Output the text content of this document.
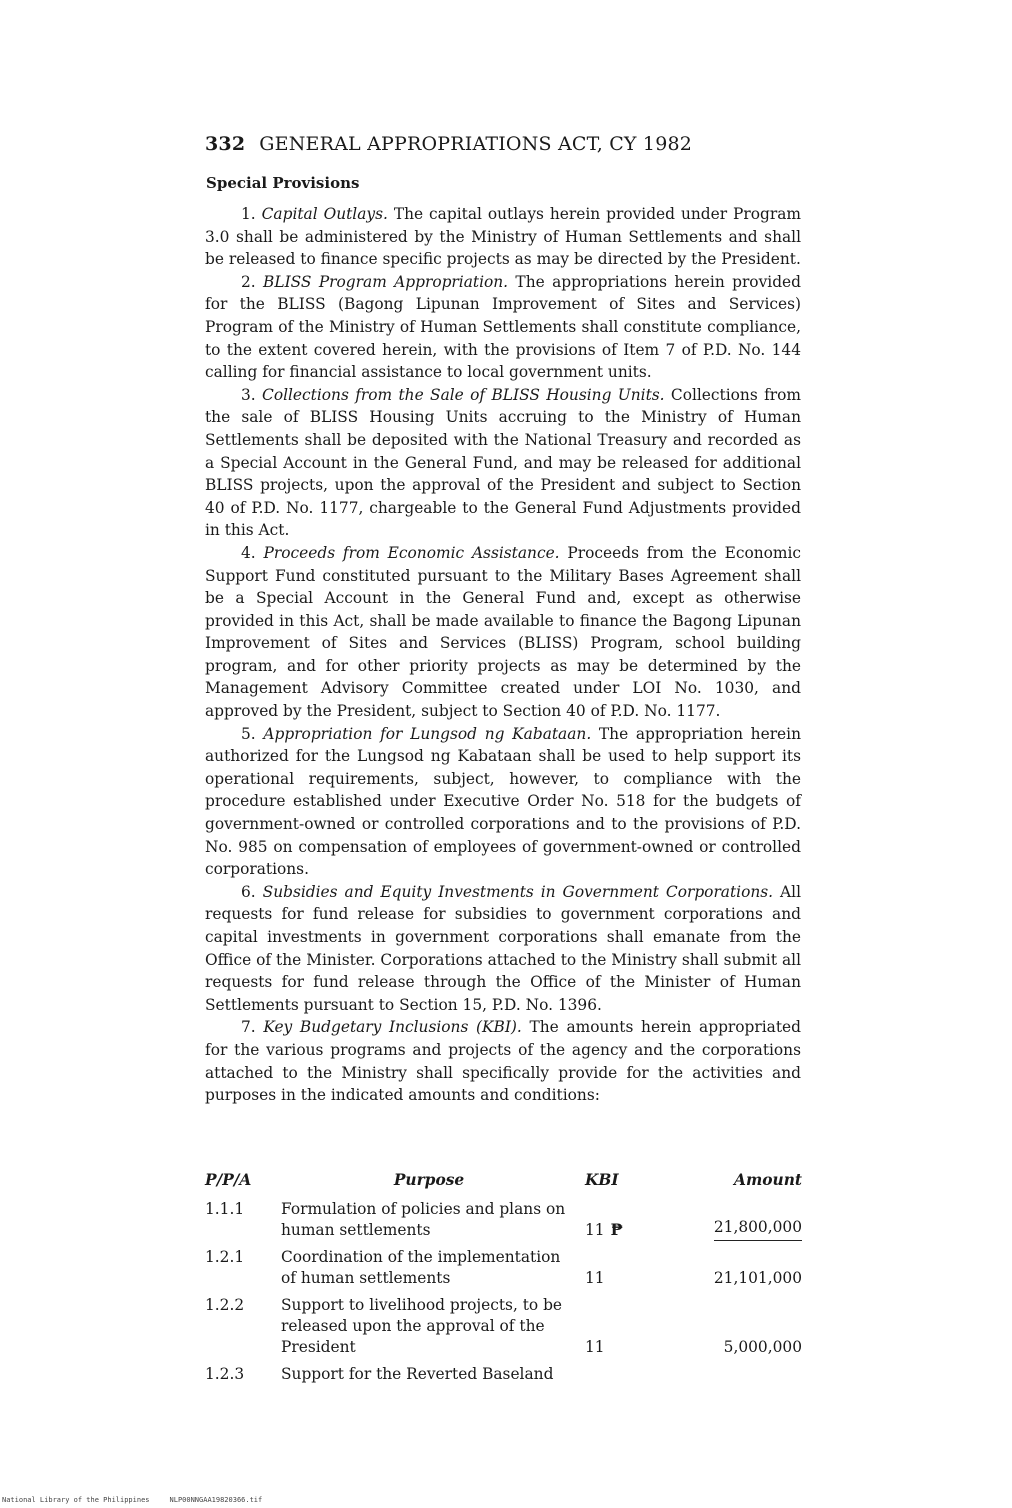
332 GENERAL APPROPRIATIONS ACT, CY 1982
Special Provisions

1. Capital Outlays. The capital outlays herein provided under Program 3.0 shall be administered by the Ministry of Human Settlements and shall be released to finance specific projects as may be directed by the President.

2. BLISS Program Appropriation. The appropriations herein provided for the BLISS (Bagong Lipunan Improvement of Sites and Services) Program of the Ministry of Human Settlements shall constitute compliance, to the extent covered herein, with the provisions of Item 7 of P.D. No. 144 calling for financial assistance to local government units.

3. Collections from the Sale of BLISS Housing Units. Collections from the sale of BLISS Housing Units accruing to the Ministry of Human Settlements shall be deposited with the National Treasury and recorded as a Special Account in the General Fund, and may be released for additional BLISS projects, upon the approval of the President and subject to Section 40 of P.D. No. 1177, chargeable to the General Fund Adjustments provided in this Act.

4. Proceeds from Economic Assistance. Proceeds from the Economic Support Fund constituted pursuant to the Military Bases Agreement shall be a Special Account in the General Fund and, except as otherwise provided in this Act, shall be made available to finance the Bagong Lipunan Improvement of Sites and Services (BLISS) Program, school building program, and for other priority projects as may be determined by the Management Advisory Committee created under LOI No. 1030, and approved by the President, subject to Section 40 of P.D. No. 1177.

5. Appropriation for Lungsod ng Kabataan. The appropriation herein authorized for the Lungsod ng Kabataan shall be used to help support its operational requirements, subject, however, to compliance with the procedure established under Executive Order No. 518 for the budgets of government-owned or controlled corporations and to the provisions of P.D. No. 985 on compensation of employees of government-owned or controlled corporations.

6. Subsidies and Equity Investments in Government Corporations. All requests for fund release for subsidies to government corporations and capital investments in government corporations shall emanate from the Office of the Minister. Corporations attached to the Ministry shall submit all requests for fund release through the Office of the Minister of Human Settlements pursuant to Section 15, P.D. No. 1396.

7. Key Budgetary Inclusions (KBI). The amounts herein appropriated for the various programs and projects of the agency and the corporations attached to the Ministry shall specifically provide for the activities and purposes in the indicated amounts and conditions:

P/P/A	Purpose	KBI	Amount
1.1.1	Formulation of policies and plans on human settlements	11 ₱	21,800,000
1.2.1	Coordination of the implementation of human settlements	11	21,101,000
1.2.2	Support to livelihood projects, to be released upon the approval of the President	11	5,000,000
1.2.3	Support for the Reverted Baseland		
National Library of the Philippines	NLP00NNGAA19820366.tif
